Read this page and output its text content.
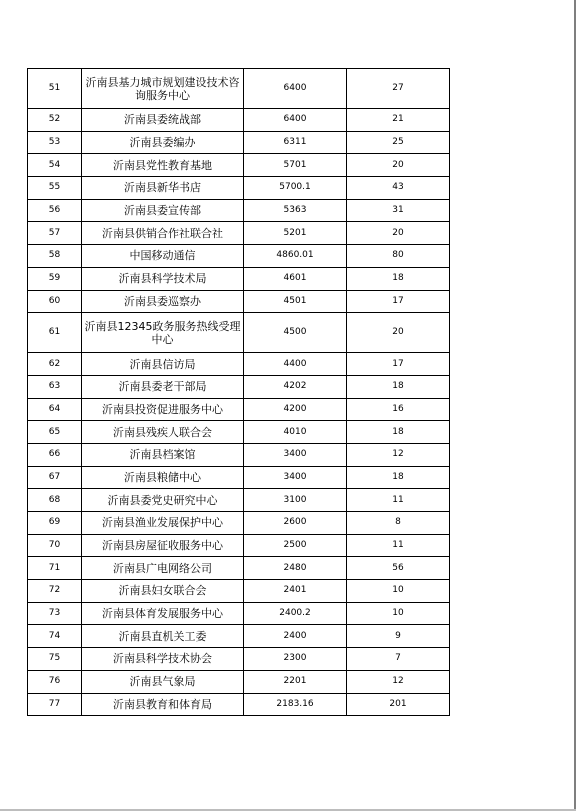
51	沂南县基力城市规划建设技术咨询服务中心	6400	27
52	沂南县委统战部	6400	21
53	沂南县委编办	6311	25
54	沂南县党性教育基地	5701	20
55	沂南县新华书店	5700.1	43
56	沂南县委宣传部	5363	31
57	沂南县供销合作社联合社	5201	20
58	中国移动通信	4860.01	80
59	沂南县科学技术局	4601	18
60	沂南县委巡察办	4501	17
61	沂南县12345政务服务热线受理中心	4500	20
62	沂南县信访局	4400	17
63	沂南县委老干部局	4202	18
64	沂南县投资促进服务中心	4200	16
65	沂南县残疾人联合会	4010	18
66	沂南县档案馆	3400	12
67	沂南县粮储中心	3400	18
68	沂南县委党史研究中心	3100	11
69	沂南县渔业发展保护中心	2600	8
70	沂南县房屋征收服务中心	2500	11
71	沂南县广电网络公司	2480	56
72	沂南县妇女联合会	2401	10
73	沂南县体育发展服务中心	2400.2	10
74	沂南县直机关工委	2400	9
75	沂南县科学技术协会	2300	7
76	沂南县气象局	2201	12
77	沂南县教育和体育局	2183.16	201
